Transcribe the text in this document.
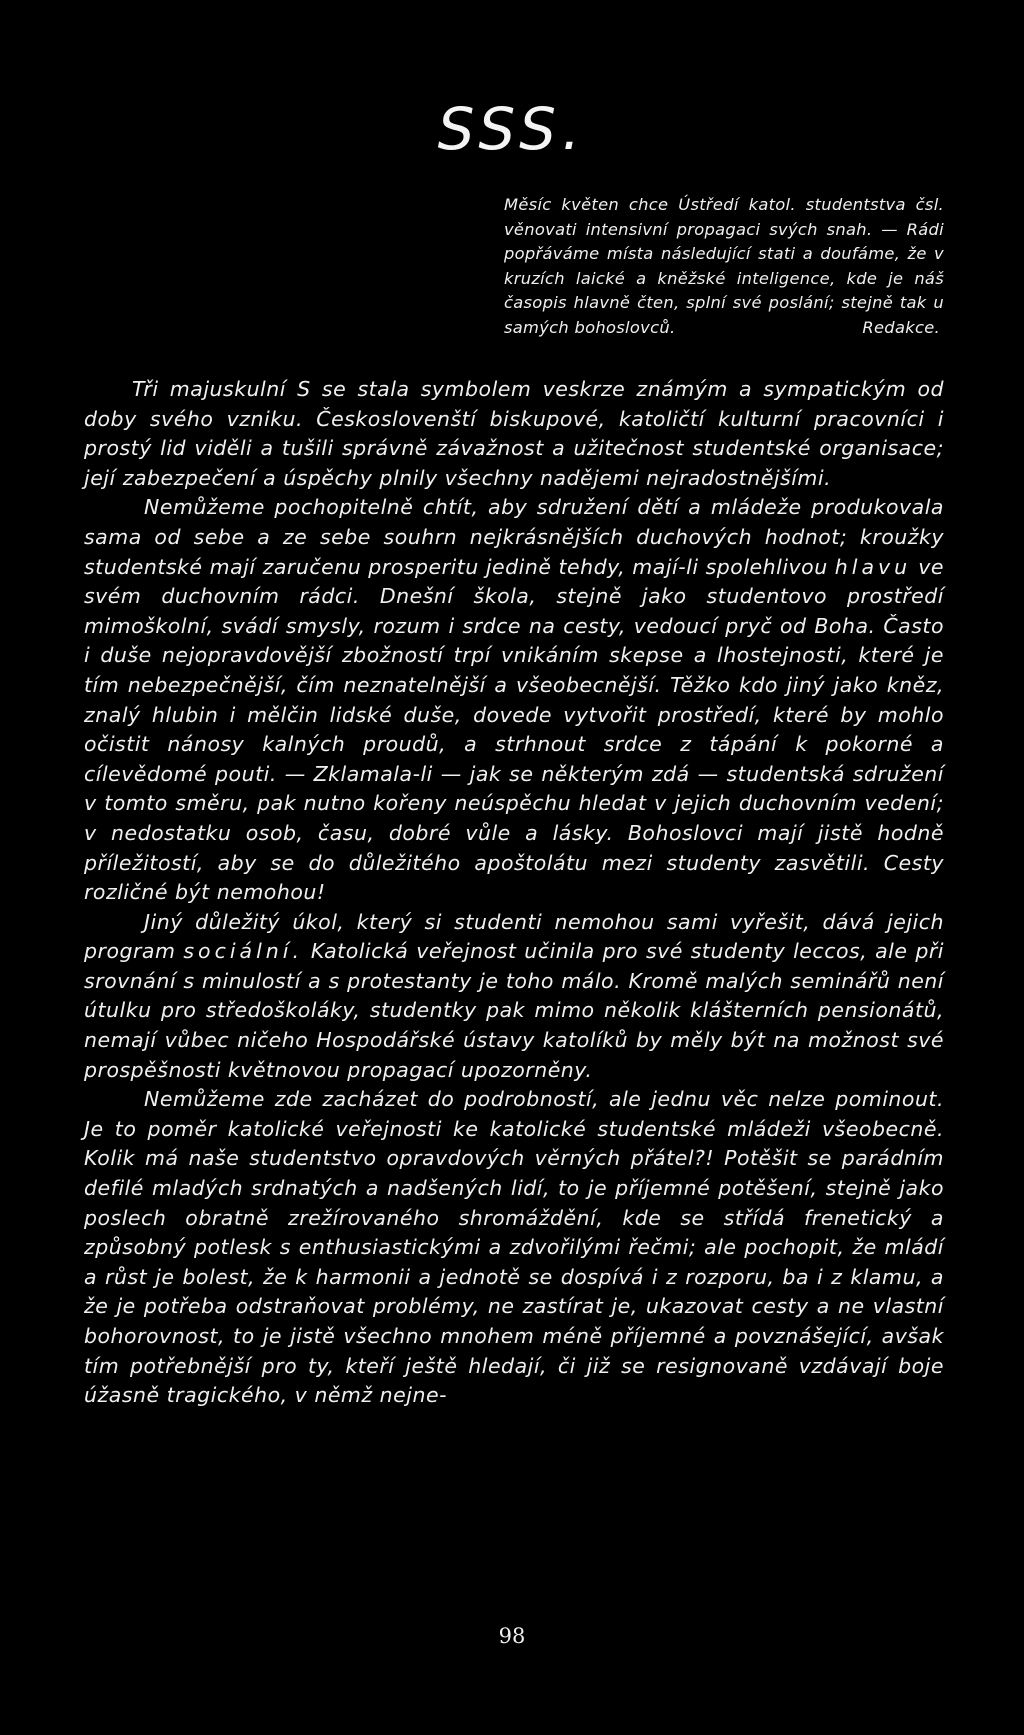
SSS.
Měsíc květen chce Ústředí katol. studentstva čsl. věnovati intensivní propagaci svých snah. — Rádi popřáváme místa následující stati a doufáme, že v kruzích laické a kněžské inteligence, kde je náš časopis hlavně čten, splní své poslání; stejně tak u samých bohoslovců.	Redakce.

Tři majuskulní S se stala symbolem veskrze známým a sympatickým od doby svého vzniku. Českoslovenští biskupové, katoličtí kulturní pracovníci i prostý lid viděli a tušili správně závažnost a užitečnost studentské organisace; její zabezpečení a úspěchy plnily všechny nadějemi nejradostnějšími.

Nemůžeme pochopitelně chtít, aby sdružení dětí a mládeže produkovala sama od sebe a ze sebe souhrn nejkrásnějších duchových hodnot; kroužky studentské mají zaručenu prosperitu jedině tehdy, mají-li spolehlivou hlavu ve svém duchovním rádci. Dnešní škola, stejně jako studentovo prostředí mimoškolní, svádí smysly, rozum i srdce na cesty, vedoucí pryč od Boha. Často i duše nejopravdovější zbožností trpí vnikáním skepse a lhostejnosti, které je tím nebezpečnější, čím neznatelnější a všeobecnější. Těžko kdo jiný jako kněz, znalý hlubin i mělčin lidské duše, dovede vytvořit prostředí, které by mohlo očistit nánosy kalných proudů, a strhnout srdce z tápání k pokorné a cílevědomé pouti. — Zklamala-li — jak se některým zdá — studentská sdružení v tomto směru, pak nutno kořeny neúspěchu hledat v jejich duchovním vedení; v nedostatku osob, času, dobré vůle a lásky. Bohoslovci mají jistě hodně příležitostí, aby se do důležitého apoštolátu mezi studenty zasvětili. Cesty rozličné být nemohou!

Jiný důležitý úkol, který si studenti nemohou sami vyřešit, dává jejich program sociální. Katolická veřejnost učinila pro své studenty leccos, ale při srovnání s minulostí a s protestanty je toho málo. Kromě malých seminářů není útulku pro středoškoláky, studentky pak mimo několik klášterních pensionátů, nemají vůbec ničeho Hospodářské ústavy katolíků by měly být na možnost své prospěšnosti květnovou propagací upozorněny.

Nemůžeme zde zacházet do podrobností, ale jednu věc nelze pominout. Je to poměr katolické veřejnosti ke katolické studentské mládeži všeobecně. Kolik má naše studentstvo opravdových věrných přátel?! Potěšit se parádním defilé mladých srdnatých a nadšených lidí, to je příjemné potěšení, stejně jako poslech obratně zrežírovaného shromáždění, kde se střídá frenetický a způsobný potlesk s enthusiastickými a zdvořilými řečmi; ale pochopit, že mládí a růst je bolest, že k harmonii a jednotě se dospívá i z rozporu, ba i z klamu, a že je potřeba odstraňovat problémy, ne zastírat je, ukazovat cesty a ne vlastní bohorovnost, to je jistě všechno mnohem méně příjemné a povznášející, avšak tím potřebnější pro ty, kteří ještě hledají, či již se resignovaně vzdávají boje úžasně tragického, v němž nejne-

98
